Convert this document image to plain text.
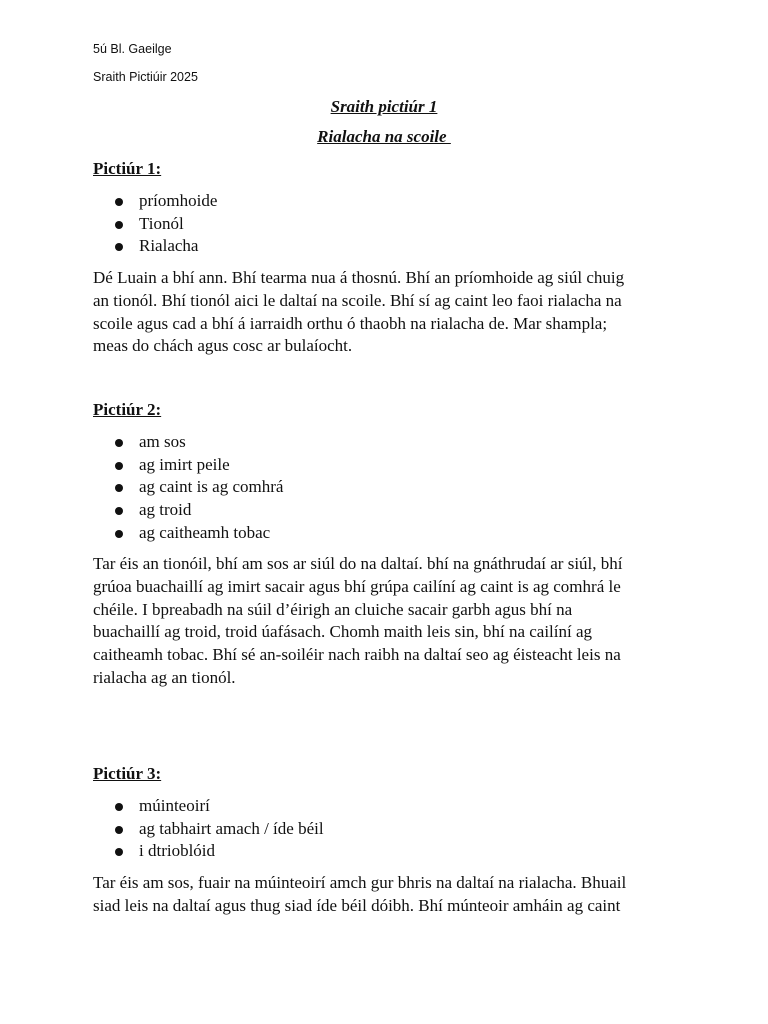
5ú Bl. Gaeilge
Sraith Pictiúir 2025
Sraith pictiúr 1
Rialacha na scoile
Pictiúr 1:
príomhoide
Tionól
Rialacha
Dé Luain a bhí ann. Bhí tearma nua á thosnú. Bhí an príomhoide ag siúl chuig
an tionól. Bhí tionól aici le daltaí na scoile. Bhí sí ag caint leo faoi rialacha na
scoile agus cad a bhí á iarraidh orthu ó thaobh na rialacha de. Mar shampla;
meas do chách agus cosc ar bulaíocht.
Pictiúr 2:
am sos
ag imirt peile
ag caint is ag comhrá
ag troid
ag caitheamh tobac
Tar éis an tionóil, bhí am sos ar siúl do na daltaí. bhí na gnáthrudaí ar siúl, bhí
grúoa buachaillí ag imirt sacair agus bhí grúpa cailíní ag caint is ag comhrá le
chéile. I bpreabadh na súil d’éirigh an cluiche sacair garbh agus bhí na
buachaillí ag troid, troid úafásach. Chomh maith leis sin, bhí na cailíní ag
caitheamh tobac. Bhí sé an-soiléir nach raibh na daltaí seo ag éisteacht leis na
rialacha ag an tionól.
Pictiúr 3:
múinteoirí
ag tabhairt amach / íde béil
i dtrioblóid
Tar éis am sos, fuair na múinteoirí amch gur bhris na daltaí na rialacha. Bhuail
siad leis na daltaí agus thug siad íde béil dóibh. Bhí múnteoir amháin ag caint
